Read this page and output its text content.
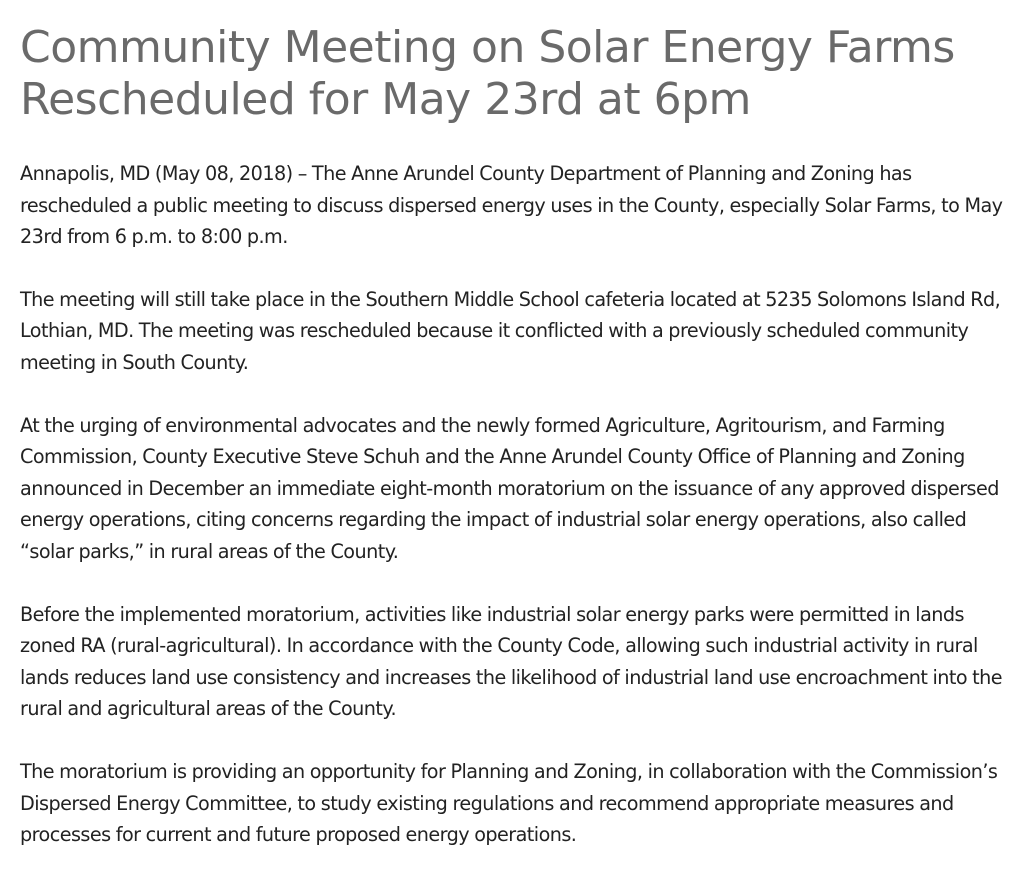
Community Meeting on Solar Energy Farms Rescheduled for May 23rd at 6pm

Annapolis, MD (May 08, 2018) – The Anne Arundel County Department of Planning and Zoning has rescheduled a public meeting to discuss dispersed energy uses in the County, especially Solar Farms, to May 23rd from 6 p.m. to 8:00 p.m.

The meeting will still take place in the Southern Middle School cafeteria located at 5235 Solomons Island Rd, Lothian, MD. The meeting was rescheduled because it conflicted with a previously scheduled community meeting in South County.

At the urging of environmental advocates and the newly formed Agriculture, Agritourism, and Farming Commission, County Executive Steve Schuh and the Anne Arundel County Office of Planning and Zoning announced in December an immediate eight-month moratorium on the issuance of any approved dispersed energy operations, citing concerns regarding the impact of industrial solar energy operations, also called “solar parks,” in rural areas of the County.

Before the implemented moratorium, activities like industrial solar energy parks were permitted in lands zoned RA (rural-agricultural). In accordance with the County Code, allowing such industrial activity in rural lands reduces land use consistency and increases the likelihood of industrial land use encroachment into the rural and agricultural areas of the County.

The moratorium is providing an opportunity for Planning and Zoning, in collaboration with the Commission’s Dispersed Energy Committee, to study existing regulations and recommend appropriate measures and processes for current and future proposed energy operations.
